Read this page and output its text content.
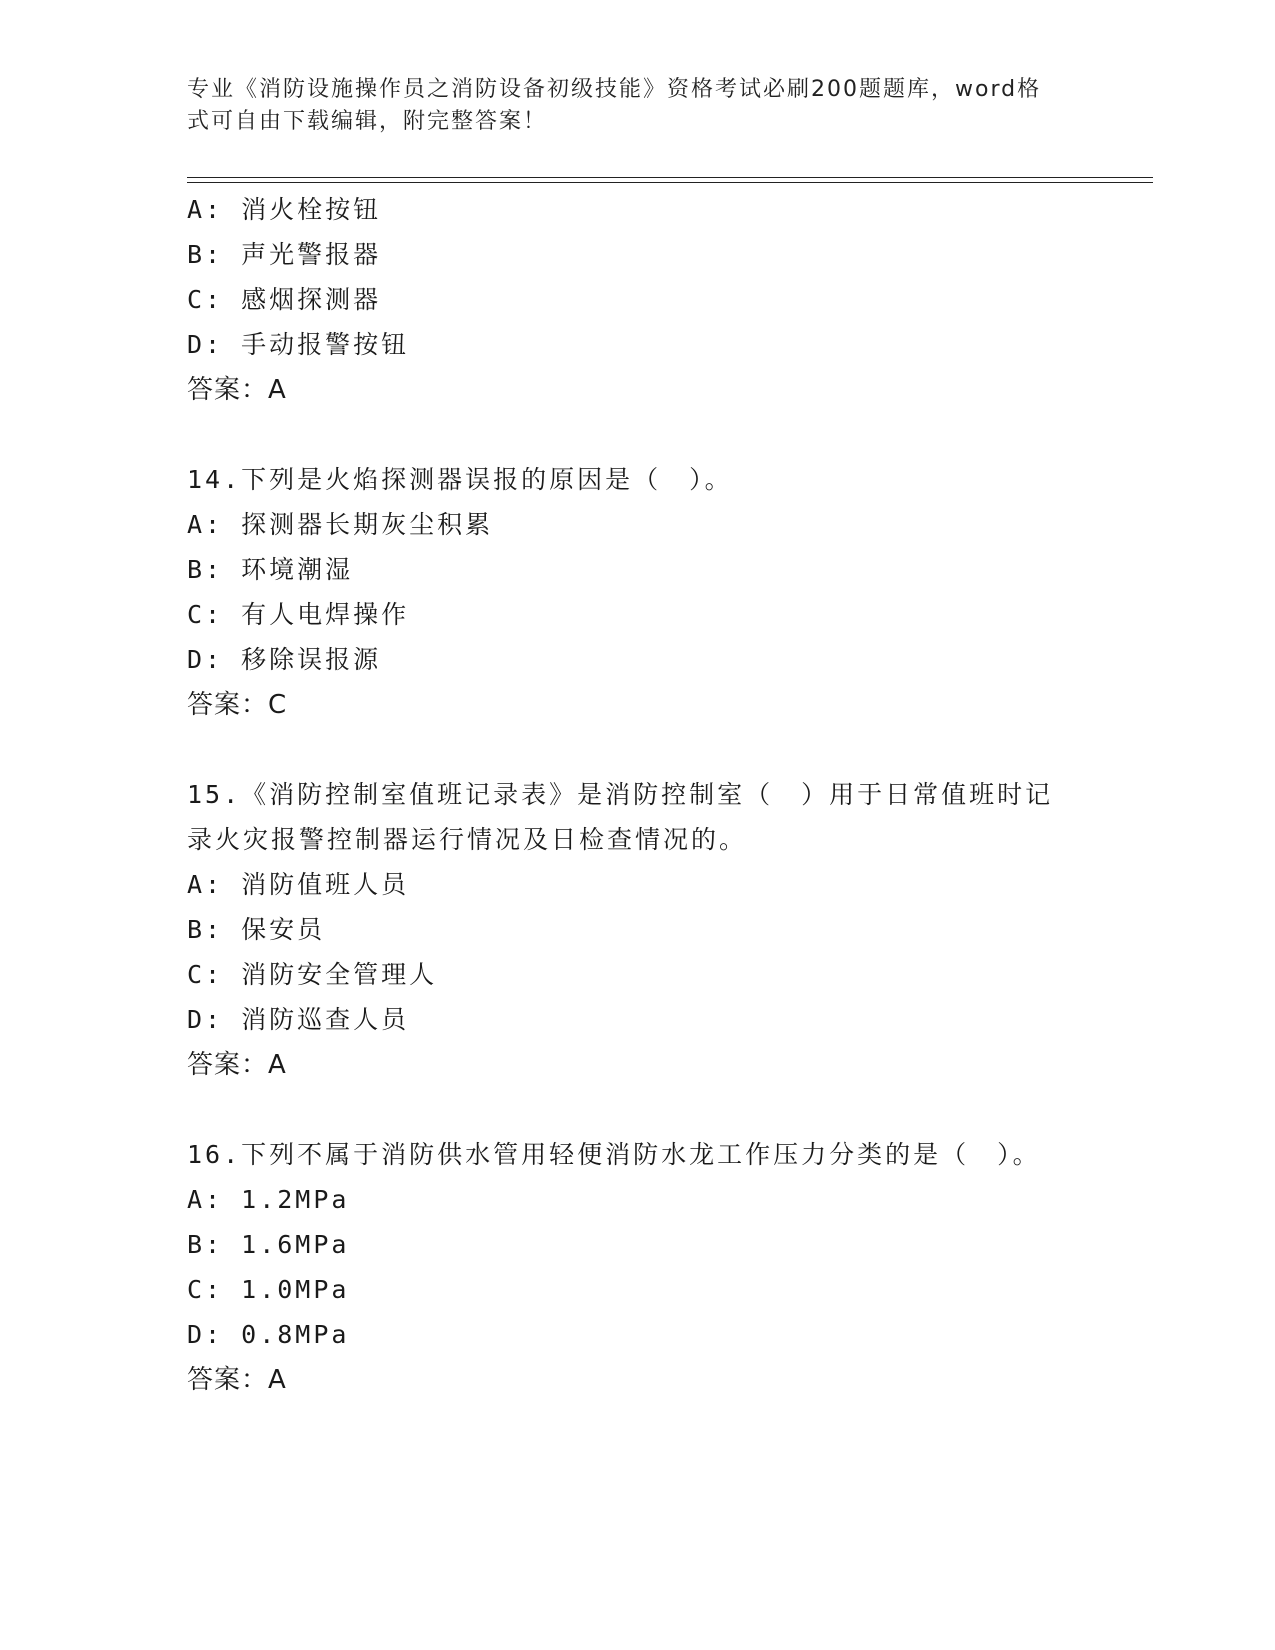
专业《消防设施操作员之消防设备初级技能》资格考试必刷200题题库，word格
式可自由下载编辑，附完整答案！
A: 消火栓按钮
B: 声光警报器
C: 感烟探测器
D: 手动报警按钮
答案：A
14.下列是火焰探测器误报的原因是（　）。
A: 探测器长期灰尘积累
B: 环境潮湿
C: 有人电焊操作
D: 移除误报源
答案：C
15.《消防控制室值班记录表》是消防控制室（　）用于日常值班时记
录火灾报警控制器运行情况及日检查情况的。
A: 消防值班人员
B: 保安员
C: 消防安全管理人
D: 消防巡查人员
答案：A
16.下列不属于消防供水管用轻便消防水龙工作压力分类的是（　）。
A: 1.2MPa
B: 1.6MPa
C: 1.0MPa
D: 0.8MPa
答案：A
